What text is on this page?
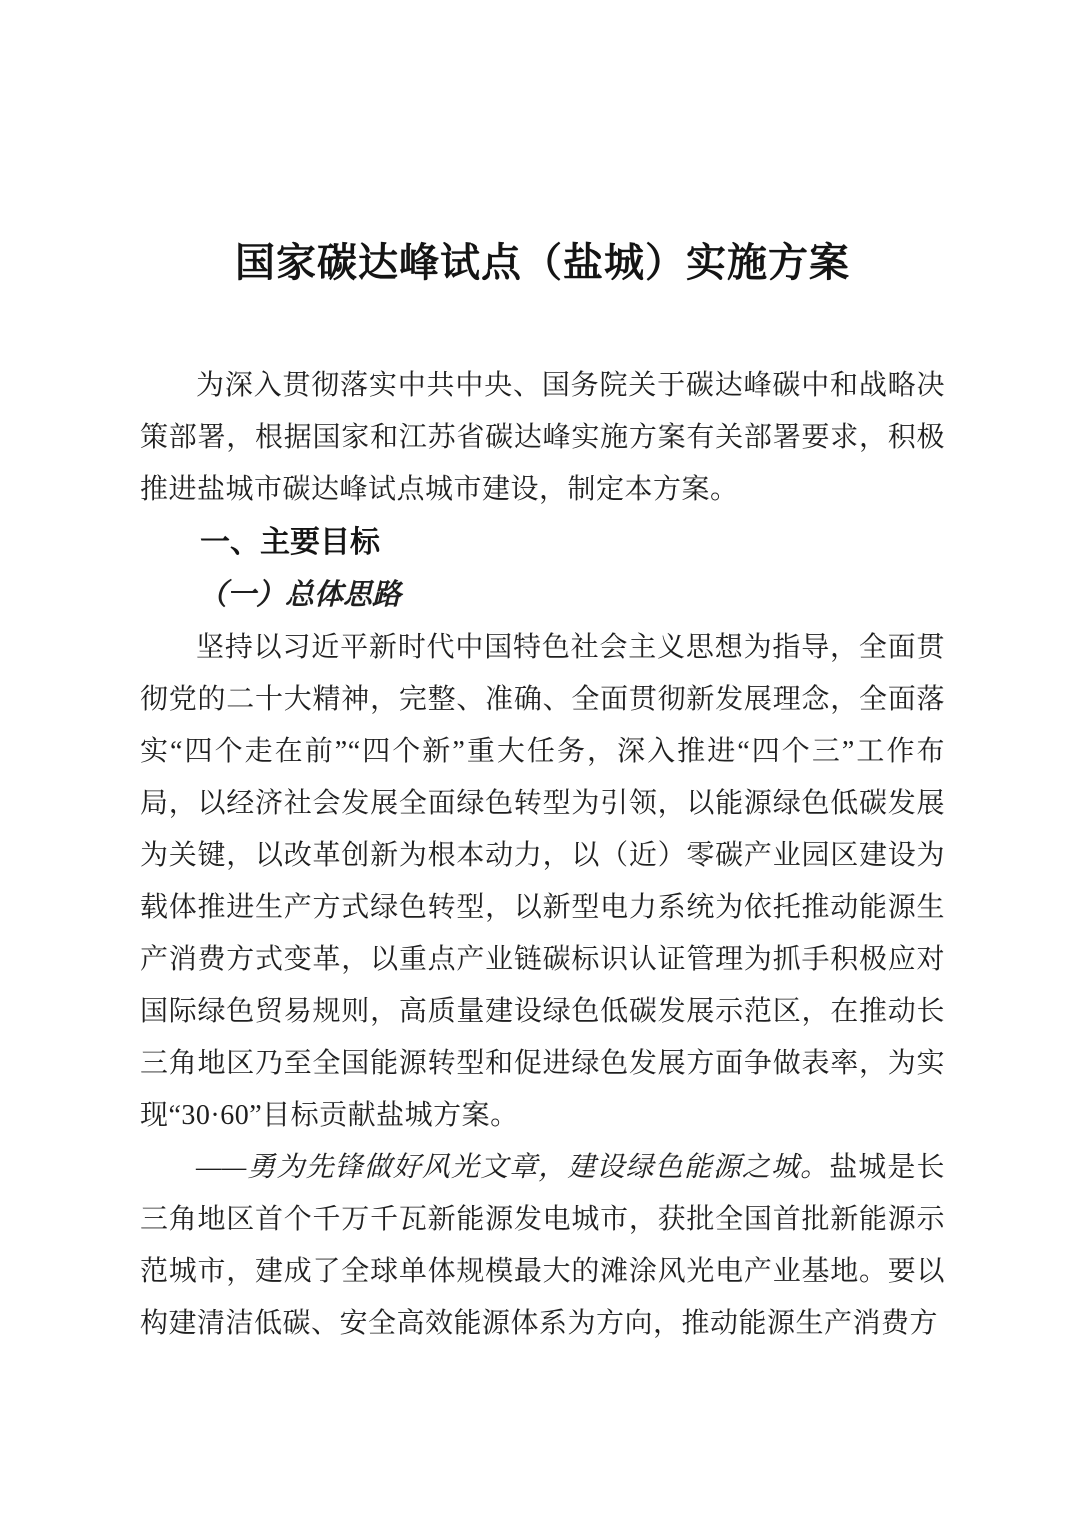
国家碳达峰试点（盐城）实施方案

为深入贯彻落实中共中央、国务院关于碳达峰碳中和战略决策部署，根据国家和江苏省碳达峰实施方案有关部署要求，积极推进盐城市碳达峰试点城市建设，制定本方案。

一、主要目标
（一）总体思路

坚持以习近平新时代中国特色社会主义思想为指导，全面贯彻党的二十大精神，完整、准确、全面贯彻新发展理念，全面落实“四个走在前”“四个新”重大任务，深入推进“四个三”工作布局，以经济社会发展全面绿色转型为引领，以能源绿色低碳发展为关键，以改革创新为根本动力，以（近）零碳产业园区建设为载体推进生产方式绿色转型，以新型电力系统为依托推动能源生产消费方式变革，以重点产业链碳标识认证管理为抓手积极应对国际绿色贸易规则，高质量建设绿色低碳发展示范区，在推动长三角地区乃至全国能源转型和促进绿色发展方面争做表率，为实现“30·60”目标贡献盐城方案。

——勇为先锋做好风光文章，建设绿色能源之城。盐城是长三角地区首个千万千瓦新能源发电城市，获批全国首批新能源示范城市，建成了全球单体规模最大的滩涂风光电产业基地。要以构建清洁低碳、安全高效能源体系为方向，推动能源生产消费方
